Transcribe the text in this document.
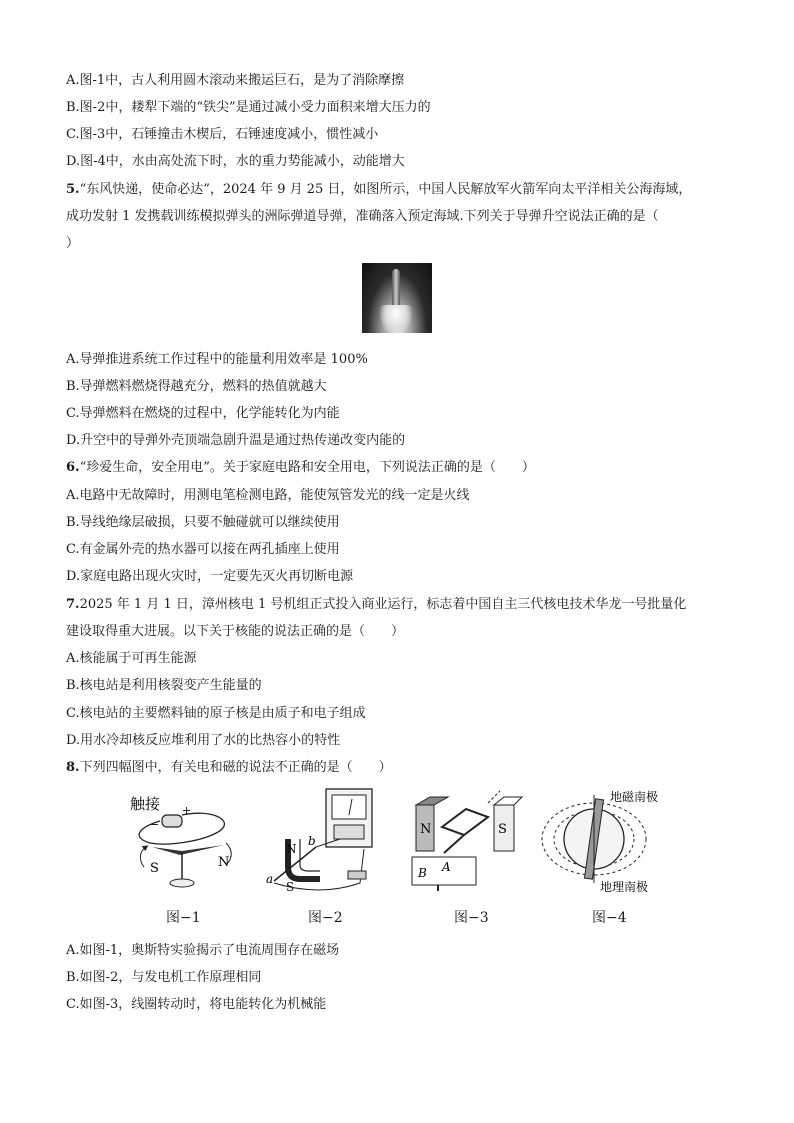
A.图-1中，古人利用圆木滚动来搬运巨石，是为了消除摩擦
B.图-2中，耧犁下端的“铁尖”是通过减小受力面积来增大压力的
C.图-3中，石锤撞击木楔后，石锤速度减小，惯性减小
D.图-4中，水由高处流下时，水的重力势能减小，动能增大
5.“东风快递，使命必达”，2024 年 9 月 25 日，如图所示，中国人民解放军火箭军向太平洋相关公海海域，
成功发射 1 发携载训练模拟弹头的洲际弹道导弹，准确落入预定海域.下列关于导弹升空说法正确的是（
）
A.导弹推进系统工作过程中的能量利用效率是 100%
B.导弹燃料燃烧得越充分，燃料的热值就越大
C.导弹燃料在燃烧的过程中，化学能转化为内能
D.升空中的导弹外壳顶端急剧升温是通过热传递改变内能的
6.“珍爱生命，安全用电”。关于家庭电路和安全用电，下列说法正确的是（　　）
A.电路中无故障时，用测电笔检测电路，能使氖管发光的线一定是火线
B.导线绝缘层破损，只要不触碰就可以继续使用
C.有金属外壳的热水器可以接在两孔插座上使用
D.家庭电路出现火灾时，一定要先灭火再切断电源
7.2025 年 1 月 1 日，漳州核电 1 号机组正式投入商业运行，标志着中国自主三代核电技术华龙一号批量化
建设取得重大进展。以下关于核能的说法正确的是（　　）
A.核能属于可再生能源
B.核电站是利用核裂变产生能量的
C.核电站的主要燃料铀的原子核是由质子和电子组成
D.用水冷却核反应堆利用了水的比热容小的特性
8.下列四幅图中，有关电和磁的说法不正确的是（　　）
触接 +
−
S	N
N
S
a
b
N	S
B A
地磁南极
地理南极
图−1	图−2	图−3	图−4
A.如图-1，奥斯特实验揭示了电流周围存在磁场
B.如图-2，与发电机工作原理相同
C.如图-3，线圈转动时，将电能转化为机械能
